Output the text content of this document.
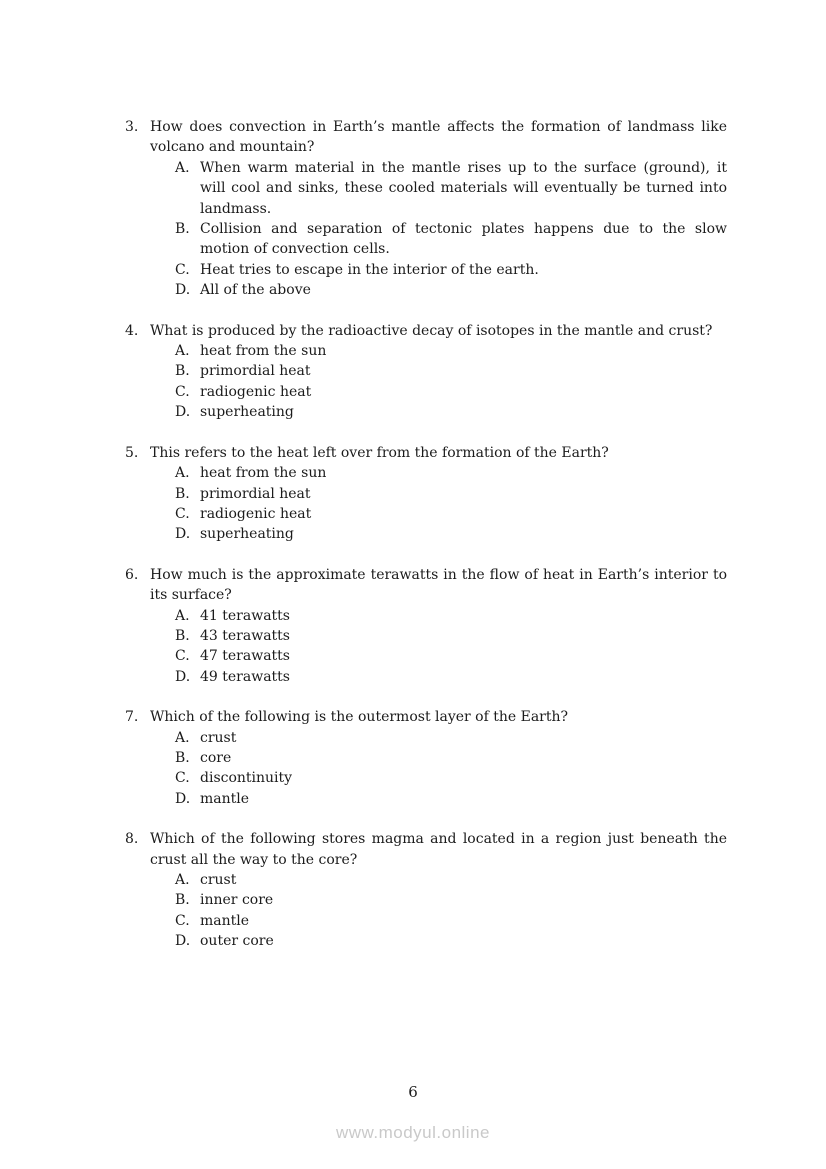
3. How does convection in Earth’s mantle affects the formation of landmass like volcano and mountain?
A. When warm material in the mantle rises up to the surface (ground), it will cool and sinks, these cooled materials will eventually be turned into landmass.
B. Collision and separation of tectonic plates happens due to the slow motion of convection cells.
C. Heat tries to escape in the interior of the earth.
D. All of the above
4. What is produced by the radioactive decay of isotopes in the mantle and crust?
A. heat from the sun
B. primordial heat
C. radiogenic heat
D. superheating
5. This refers to the heat left over from the formation of the Earth?
A. heat from the sun
B. primordial heat
C. radiogenic heat
D. superheating
6. How much is the approximate terawatts in the flow of heat in Earth’s interior to its surface?
A. 41 terawatts
B. 43 terawatts
C. 47 terawatts
D. 49 terawatts
7. Which of the following is the outermost layer of the Earth?
A. crust
B. core
C. discontinuity
D. mantle
8. Which of the following stores magma and located in a region just beneath the crust all the way to the core?
A. crust
B. inner core
C. mantle
D. outer core
6
www.modyul.online
